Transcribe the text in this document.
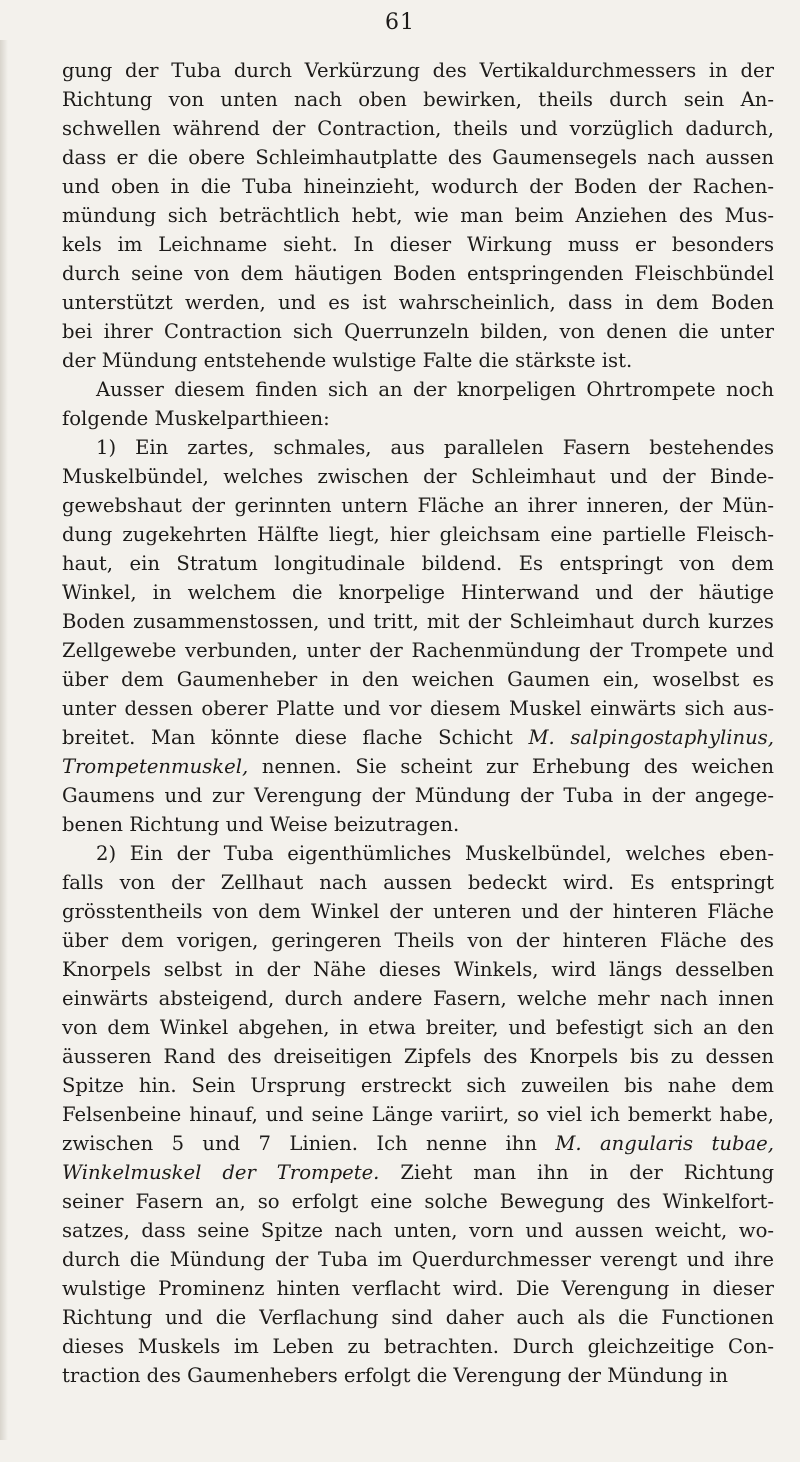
61
gung der Tuba durch Verkürzung des Vertikaldurchmessers in der
Richtung von unten nach oben bewirken, theils durch sein An-
schwellen während der Contraction, theils und vorzüglich dadurch,
dass er die obere Schleimhautplatte des Gaumensegels nach aussen
und oben in die Tuba hineinzieht, wodurch der Boden der Rachen-
mündung sich beträchtlich hebt, wie man beim Anziehen des Mus-
kels im Leichname sieht. In dieser Wirkung muss er besonders
durch seine von dem häutigen Boden entspringenden Fleischbündel
unterstützt werden, und es ist wahrscheinlich, dass in dem Boden
bei ihrer Contraction sich Querrunzeln bilden, von denen die unter
der Mündung entstehende wulstige Falte die stärkste ist.
Ausser diesem finden sich an der knorpeligen Ohrtrompete noch
folgende Muskelparthieen:
1) Ein zartes, schmales, aus parallelen Fasern bestehendes
Muskelbündel, welches zwischen der Schleimhaut und der Binde-
gewebshaut der gerinnten untern Fläche an ihrer inneren, der Mün-
dung zugekehrten Hälfte liegt, hier gleichsam eine partielle Fleisch-
haut, ein Stratum longitudinale bildend. Es entspringt von dem
Winkel, in welchem die knorpelige Hinterwand und der häutige
Boden zusammenstossen, und tritt, mit der Schleimhaut durch kurzes
Zellgewebe verbunden, unter der Rachenmündung der Trompete und
über dem Gaumenheber in den weichen Gaumen ein, woselbst es
unter dessen oberer Platte und vor diesem Muskel einwärts sich aus-
breitet. Man könnte diese flache Schicht M. salpingostaphylinus,
Trompetenmuskel, nennen. Sie scheint zur Erhebung des weichen
Gaumens und zur Verengung der Mündung der Tuba in der angege-
benen Richtung und Weise beizutragen.
2) Ein der Tuba eigenthümliches Muskelbündel, welches eben-
falls von der Zellhaut nach aussen bedeckt wird. Es entspringt
grösstentheils von dem Winkel der unteren und der hinteren Fläche
über dem vorigen, geringeren Theils von der hinteren Fläche des
Knorpels selbst in der Nähe dieses Winkels, wird längs desselben
einwärts absteigend, durch andere Fasern, welche mehr nach innen
von dem Winkel abgehen, in etwa breiter, und befestigt sich an den
äusseren Rand des dreiseitigen Zipfels des Knorpels bis zu dessen
Spitze hin. Sein Ursprung erstreckt sich zuweilen bis nahe dem
Felsenbeine hinauf, und seine Länge variirt, so viel ich bemerkt habe,
zwischen 5 und 7 Linien. Ich nenne ihn M. angularis tubae,
Winkelmuskel der Trompete. Zieht man ihn in der Richtung
seiner Fasern an, so erfolgt eine solche Bewegung des Winkelfort-
satzes, dass seine Spitze nach unten, vorn und aussen weicht, wo-
durch die Mündung der Tuba im Querdurchmesser verengt und ihre
wulstige Prominenz hinten verflacht wird. Die Verengung in dieser
Richtung und die Verflachung sind daher auch als die Functionen
dieses Muskels im Leben zu betrachten. Durch gleichzeitige Con-
traction des Gaumenhebers erfolgt die Verengung der Mündung in
